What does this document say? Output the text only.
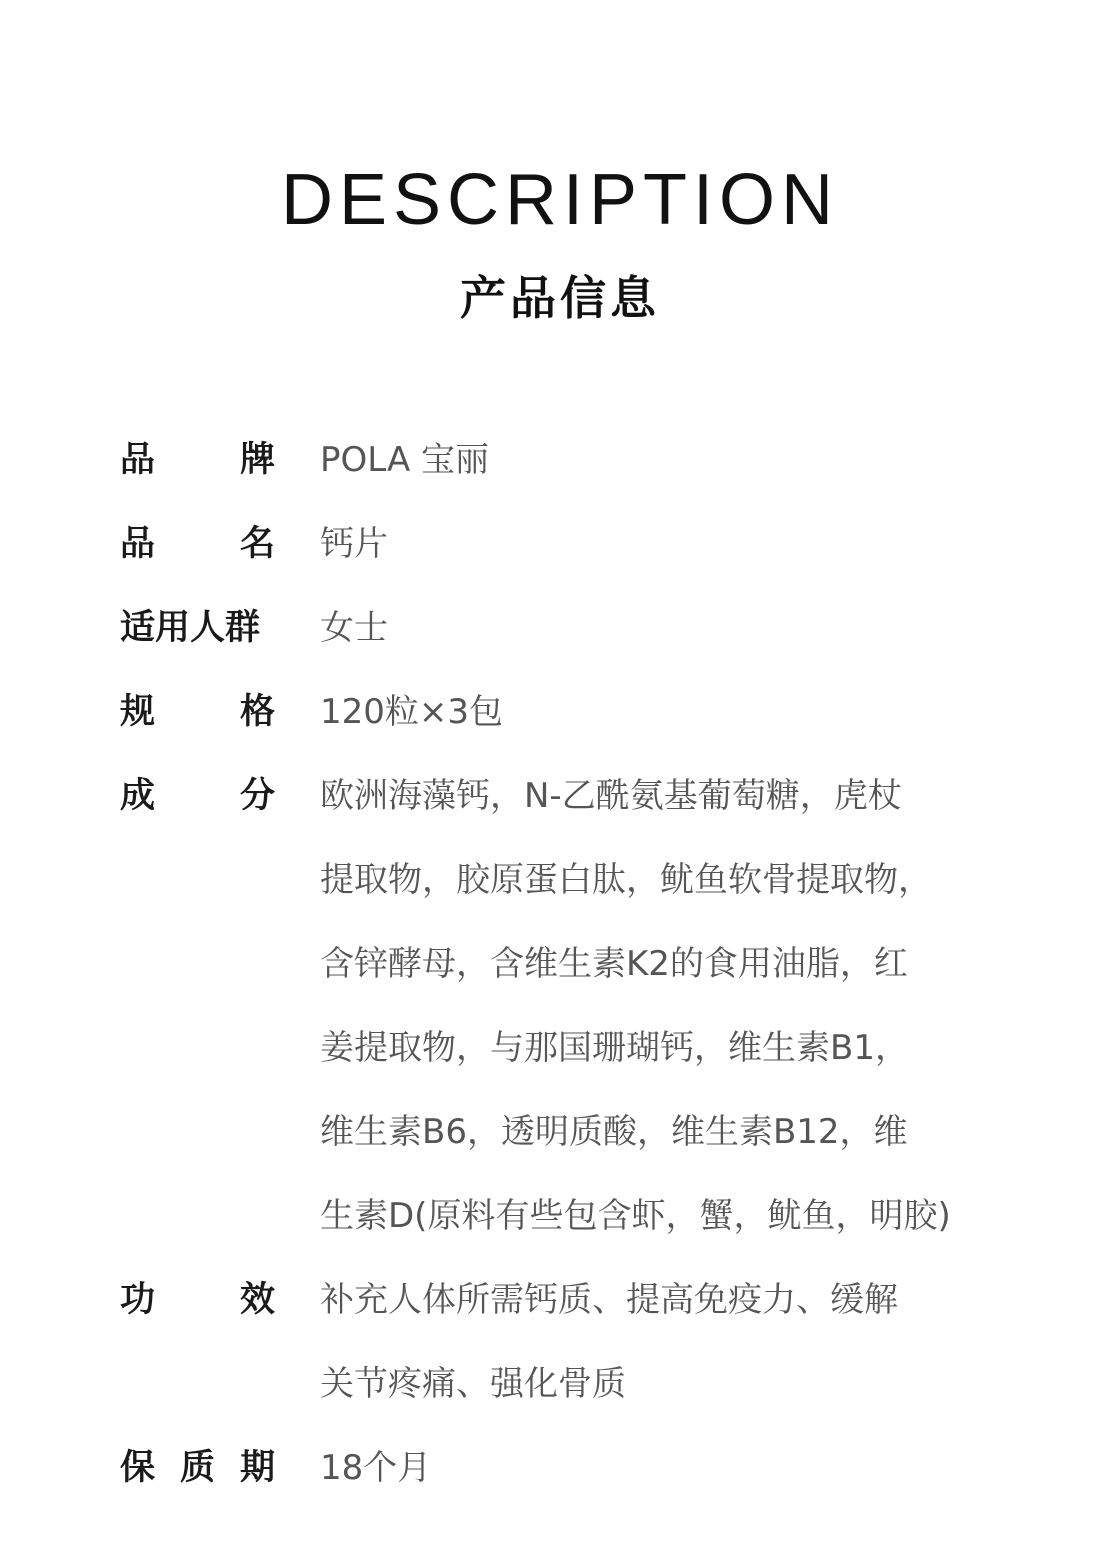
DESCRIPTION
产品信息
品 牌 POLA 宝丽
品 名 钙片
适用人群 女士
规 格 120粒×3包
成 分 欧洲海藻钙，N-乙酰氨基葡萄糖，虎杖
提取物，胶原蛋白肽，鱿鱼软骨提取物，
含锌酵母，含维生素K2的食用油脂，红
姜提取物，与那国珊瑚钙，维生素B1，
维生素B6，透明质酸，维生素B12，维
生素D(原料有些包含虾，蟹，鱿鱼，明胶)
功 效 补充人体所需钙质、提高免疫力、缓解
关节疼痛、强化骨质
保 质 期 18个月
